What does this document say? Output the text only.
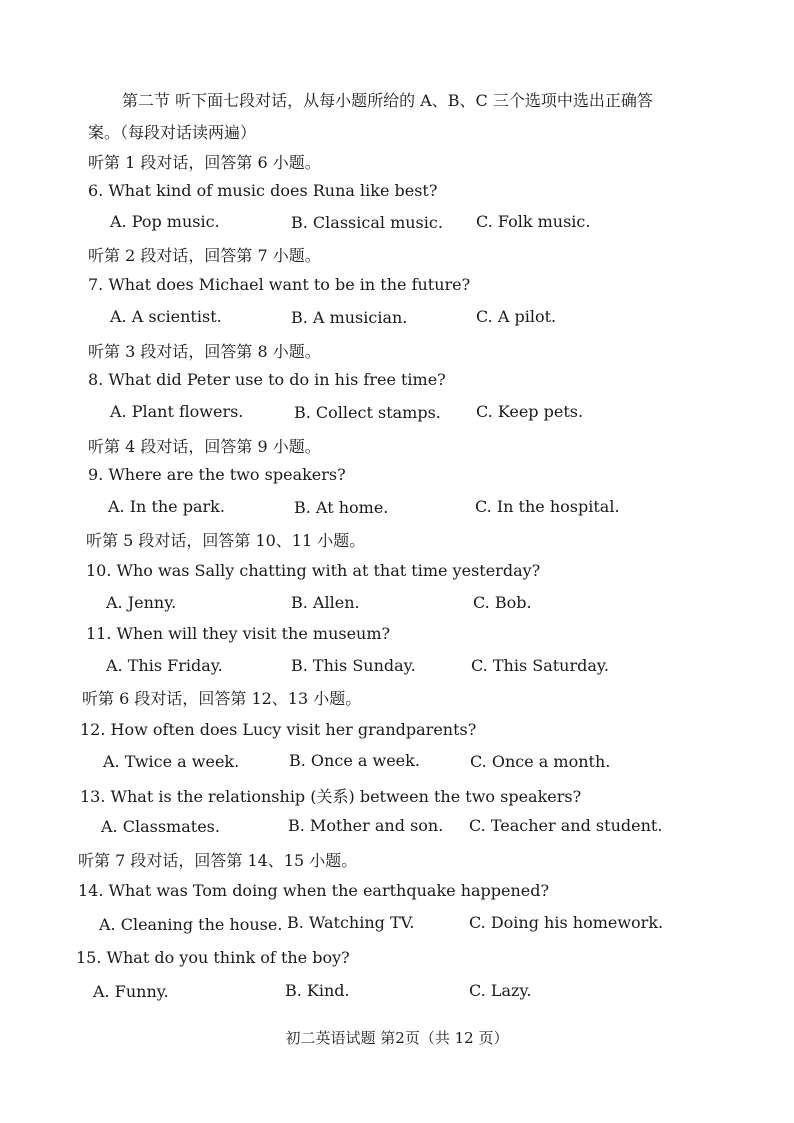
第二节 听下面七段对话，从每小题所给的 A、B、C 三个选项中选出正确答
案。（每段对话读两遍）
听第 1 段对话，回答第 6 小题。
6. What kind of music does Runa like best?
A. Pop music.	B. Classical music. C. Folk music.
听第 2 段对话，回答第 7 小题。
7. What does Michael want to be in the future?
A. A scientist.	B. A musician.	C. A pilot.
听第 3 段对话，回答第 8 小题。
8. What did Peter use to do in his free time?
A. Plant flowers.	B. Collect stamps. C. Keep pets.
听第 4 段对话，回答第 9 小题。
9. Where are the two speakers?
A. In the park.	B. At home.	C. In the hospital.
听第 5 段对话，回答第 10、11 小题。
10. Who was Sally chatting with at that time yesterday?
A. Jenny.	B. Allen.	C. Bob.
11. When will they visit the museum?
A. This Friday.	B. This Sunday.	C. This Saturday.
听第 6 段对话，回答第 12、13 小题。
12. How often does Lucy visit her grandparents?
A. Twice a week.	B. Once a week.	C. Once a month.
13. What is the relationship (关系) between the two speakers?
A. Classmates.	B. Mother and son. C. Teacher and student.
听第 7 段对话，回答第 14、15 小题。
14. What was Tom doing when the earthquake happened?
A. Cleaning the house. B. Watching TV.	C. Doing his homework.
15. What do you think of the boy?
A. Funny.	B. Kind.	C. Lazy.
初二英语试题 第2页（共 12 页）
